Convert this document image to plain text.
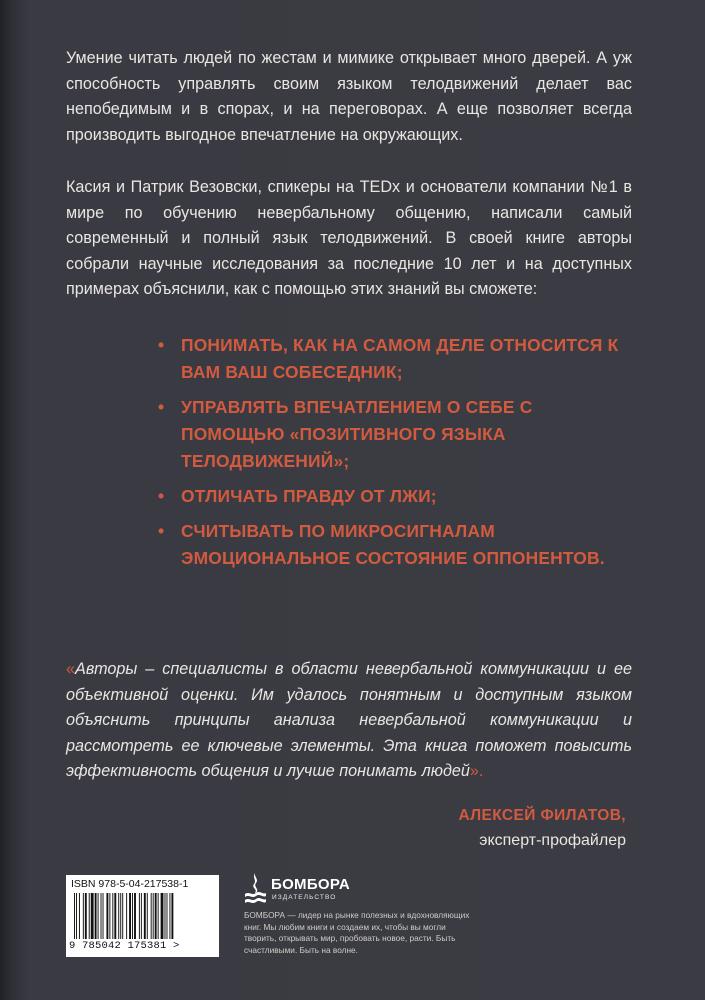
Умение читать людей по жестам и мимике открывает много дверей. А уж способность управлять своим языком телодвижений делает вас непобедимым и в спорах, и на переговорах. А еще позволяет всегда производить выгодное впечатление на окружающих.

Касия и Патрик Везовски, спикеры на TEDx и основатели компании №1 в мире по обучению невербальному общению, написали самый современный и полный язык телодвижений. В своей книге авторы собрали научные исследования за последние 10 лет и на доступных примерах объяснили, как с помощью этих знаний вы сможете:

• ПОНИМАТЬ, КАК НА САМОМ ДЕЛЕ ОТНОСИТСЯ К ВАМ ВАШ СОБЕСЕДНИК;
• УПРАВЛЯТЬ ВПЕЧАТЛЕНИЕМ О СЕБЕ С ПОМОЩЬЮ «ПОЗИТИВНОГО ЯЗЫКА ТЕЛОДВИЖЕНИЙ»;
• ОТЛИЧАТЬ ПРАВДУ ОТ ЛЖИ;
• СЧИТЫВАТЬ ПО МИКРОСИГНАЛАМ ЭМОЦИОНАЛЬНОЕ СОСТОЯНИЕ ОППОНЕНТОВ.

«Авторы – специалисты в области невербальной коммуникации и ее объективной оценки. Им удалось понятным и доступным языком объяснить принципы анализа невербальной коммуникации и рассмотреть ее ключевые элементы. Эта книга поможет повысить эффективность общения и лучше понимать людей».

АЛЕКСЕЙ ФИЛАТОВ,
эксперт-профайлер
ISBN 978-5-04-217538-1
9 785042 175381 >
БОМБОРА
ИЗДАТЕЛЬСТВО
БОМБОРА — лидер на рынке полезных и вдохновляющих книг. Мы любим книги и создаем их, чтобы вы могли творить, открывать мир, пробовать новое, расти. Быть счастливыми. Быть на волне.
